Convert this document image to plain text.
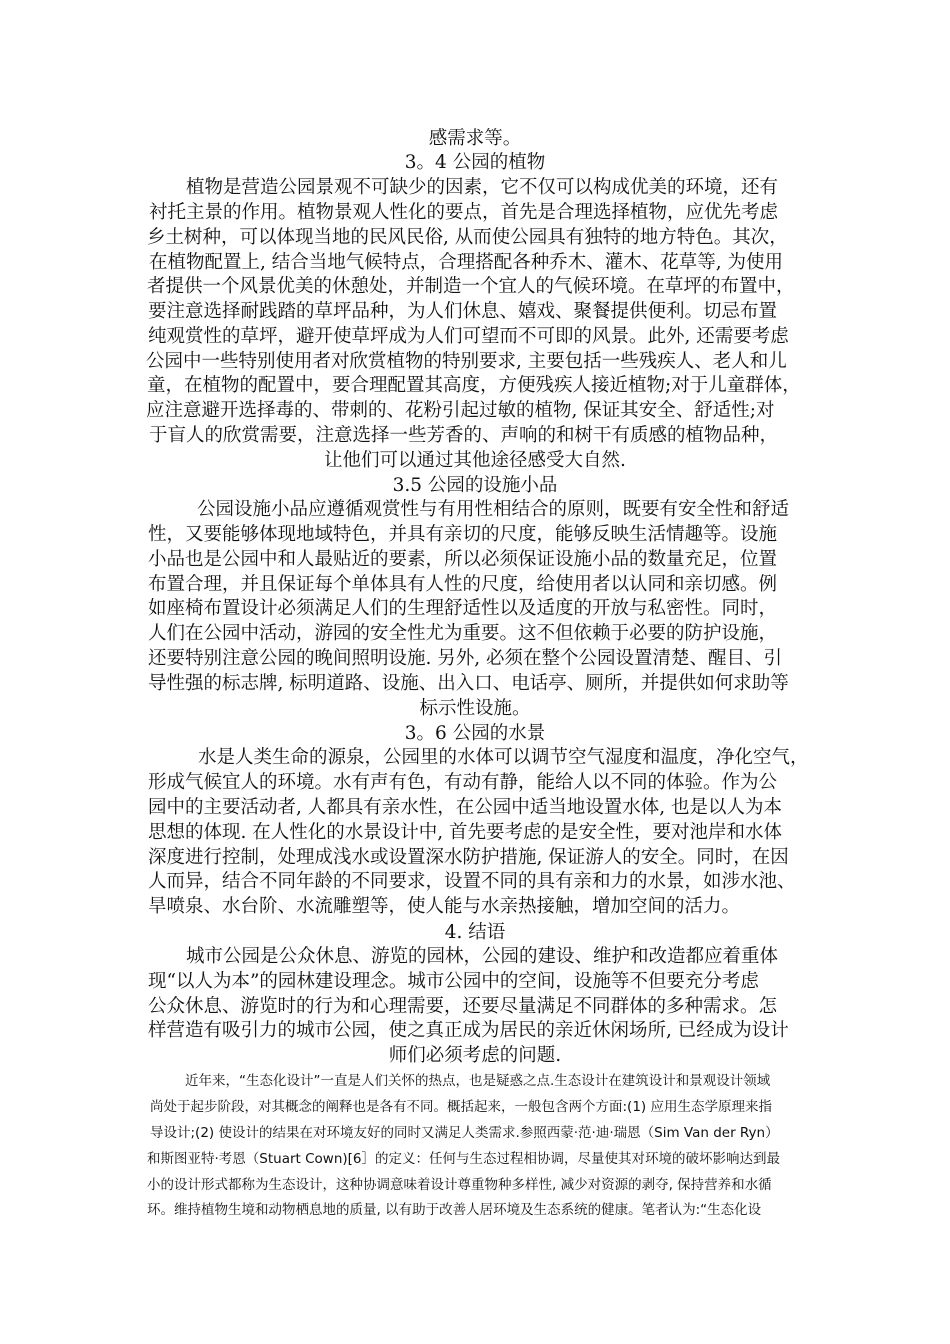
感需求等。
3。4 公园的植物
植物是营造公园景观不可缺少的因素，它不仅可以构成优美的环境，还有
衬托主景的作用。植物景观人性化的要点，首先是合理选择植物，应优先考虑
乡土树种，可以体现当地的民风民俗, 从而使公园具有独特的地方特色。其次，
在植物配置上, 结合当地气候特点，合理搭配各种乔木、灌木、花草等, 为使用
者提供一个风景优美的休憩处，并制造一个宜人的气候环境。在草坪的布置中，
要注意选择耐践踏的草坪品种，为人们休息、嬉戏、聚餐提供便利。切忌布置
纯观赏性的草坪，避开使草坪成为人们可望而不可即的风景。此外, 还需要考虑
公园中一些特别使用者对欣赏植物的特别要求, 主要包括一些残疾人、老人和儿
童，在植物的配置中，要合理配置其高度，方便残疾人接近植物;对于儿童群体，
应注意避开选择毒的、带刺的、花粉引起过敏的植物, 保证其安全、舒适性;对
于盲人的欣赏需要，注意选择一些芳香的、声响的和树干有质感的植物品种，
让他们可以通过其他途径感受大自然.
3.5 公园的设施小品
公园设施小品应遵循观赏性与有用性相结合的原则，既要有安全性和舒适
性，又要能够体现地域特色，并具有亲切的尺度，能够反映生活情趣等。设施
小品也是公园中和人最贴近的要素，所以必须保证设施小品的数量充足，位置
布置合理，并且保证每个单体具有人性的尺度，给使用者以认同和亲切感。例
如座椅布置设计必须满足人们的生理舒适性以及适度的开放与私密性。同时，
人们在公园中活动，游园的安全性尤为重要。这不但依赖于必要的防护设施，
还要特别注意公园的晚间照明设施. 另外, 必须在整个公园设置清楚、醒目、引
导性强的标志牌, 标明道路、设施、出入口、电话亭、厕所，并提供如何求助等
标示性设施。
3。6 公园的水景
水是人类生命的源泉，公园里的水体可以调节空气湿度和温度，净化空气，
形成气候宜人的环境。水有声有色，有动有静，能给人以不同的体验。作为公
园中的主要活动者, 人都具有亲水性，在公园中适当地设置水体, 也是以人为本
思想的体现. 在人性化的水景设计中, 首先要考虑的是安全性，要对池岸和水体
深度进行控制，处理成浅水或设置深水防护措施, 保证游人的安全。同时，在因
人而异，结合不同年龄的不同要求，设置不同的具有亲和力的水景，如涉水池、
旱喷泉、水台阶、水流雕塑等，使人能与水亲热接触，增加空间的活力。
4. 结语
城市公园是公众休息、游览的园林，公园的建设、维护和改造都应着重体
现“以人为本”的园林建设理念。城市公园中的空间，设施等不但要充分考虑
公众休息、游览时的行为和心理需要，还要尽量满足不同群体的多种需求。怎
样营造有吸引力的城市公园，使之真正成为居民的亲近休闲场所, 已经成为设计
师们必须考虑的问题.
近年来，“生态化设计”一直是人们关怀的热点，也是疑惑之点.生态设计在建筑设计和景观设计领域
尚处于起步阶段，对其概念的阐释也是各有不同。概括起来，一般包含两个方面:(1) 应用生态学原理来指
导设计;(2) 使设计的结果在对环境友好的同时又满足人类需求.参照西蒙·范·迪·瑞恩（Sim Van der Ryn）
和斯图亚特·考恩（Stuart Cown)[6］的定义：任何与生态过程相协调，尽量使其对环境的破坏影响达到最
小的设计形式都称为生态设计，这种协调意味着设计尊重物种多样性, 减少对资源的剥夺, 保持营养和水循
环。维持植物生境和动物栖息地的质量, 以有助于改善人居环境及生态系统的健康。笔者认为:“生态化设
